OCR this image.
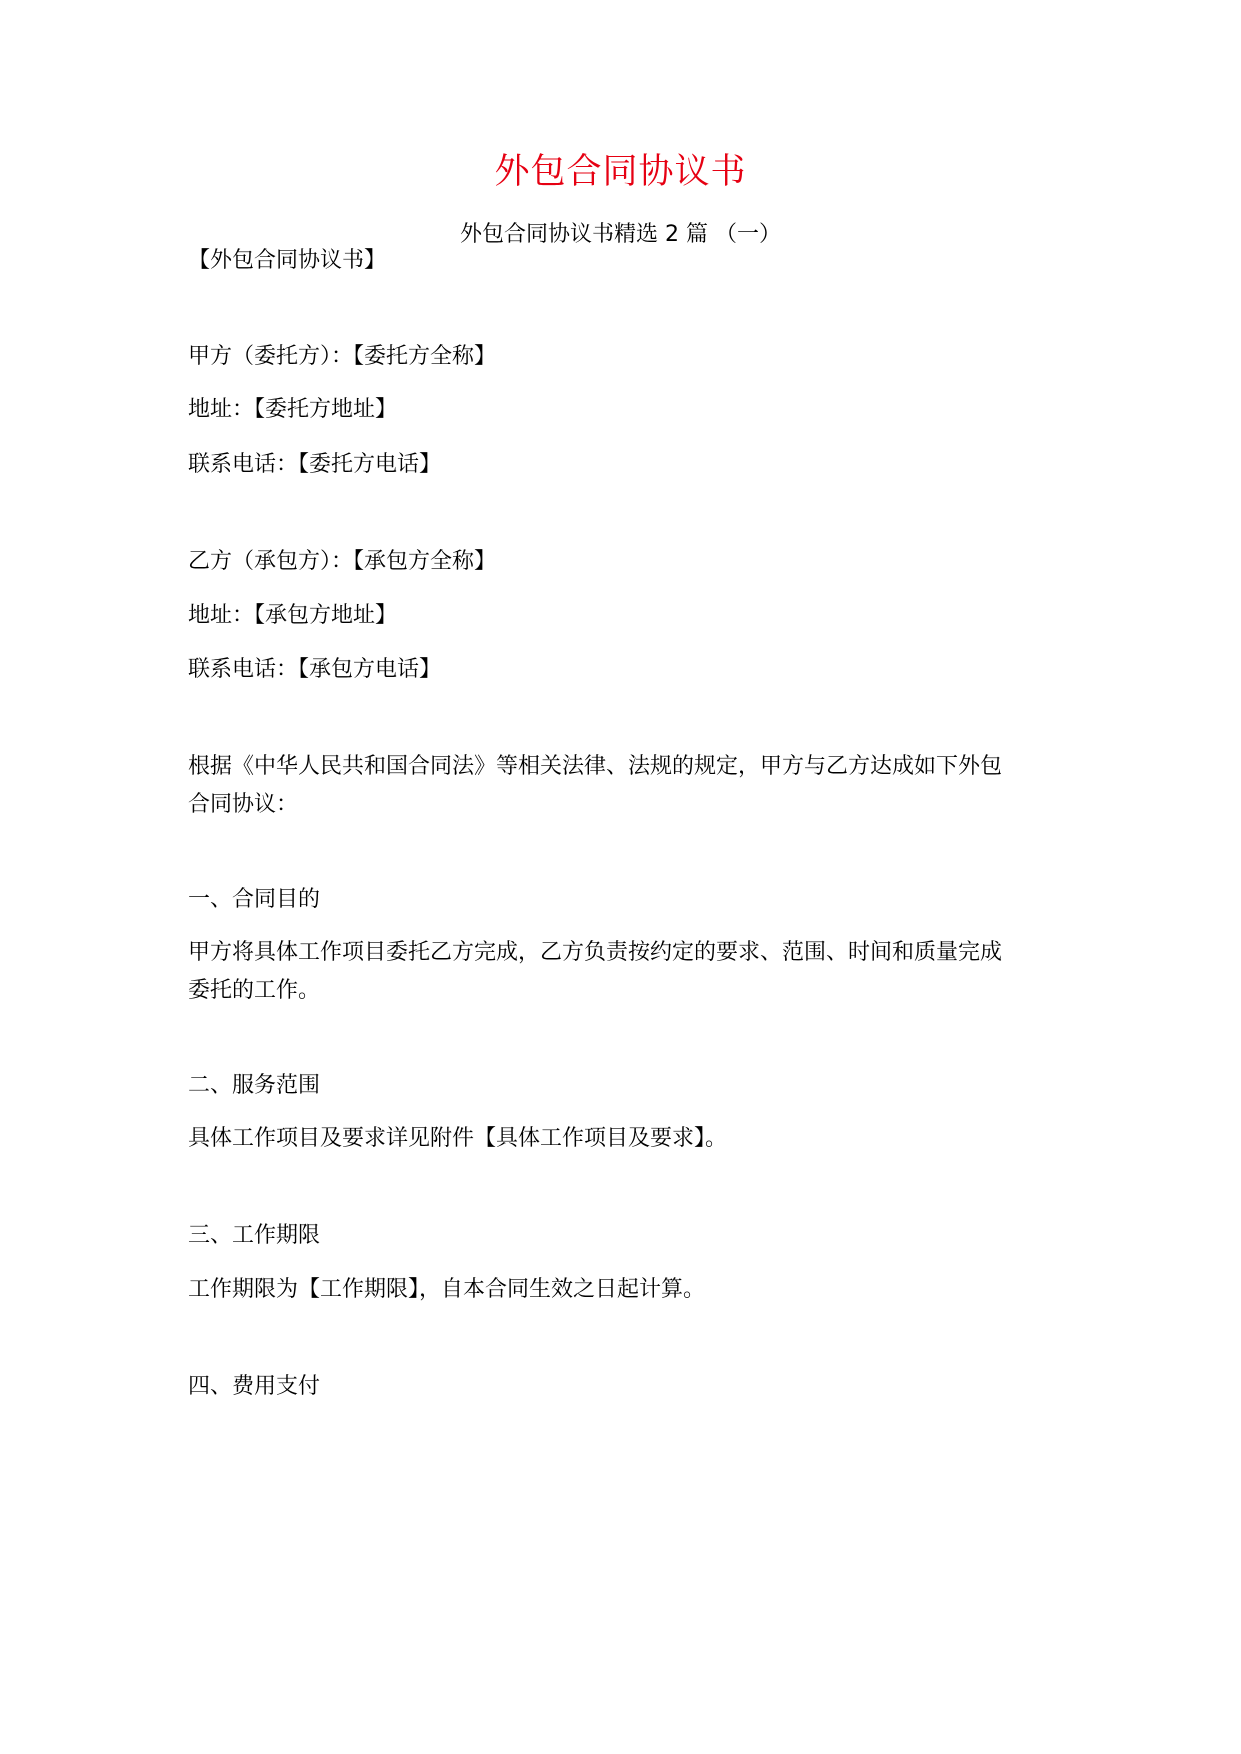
外包合同协议书
外包合同协议书精选 2 篇 （一）
【外包合同协议书】
甲方（委托方）：【委托方全称】
地址：【委托方地址】
联系电话：【委托方电话】
乙方（承包方）：【承包方全称】
地址：【承包方地址】
联系电话：【承包方电话】
根据《中华人民共和国合同法》等相关法律、法规的规定，甲方与乙方达成如下外包
合同协议：
一、合同目的
甲方将具体工作项目委托乙方完成，乙方负责按约定的要求、范围、时间和质量完成
委托的工作。
二、服务范围
具体工作项目及要求详见附件【具体工作项目及要求】。
三、工作期限
工作期限为【工作期限】，自本合同生效之日起计算。
四、费用支付
